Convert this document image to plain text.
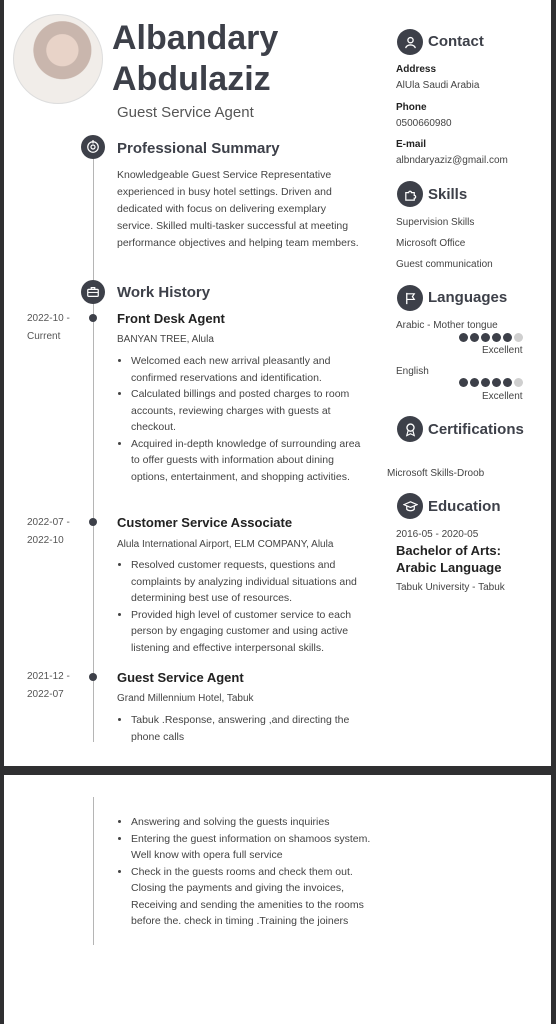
Albandary
Abdulaziz
Guest Service Agent
Professional Summary
Knowledgeable Guest Service Representative experienced in busy hotel settings. Driven and dedicated with focus on delivering exemplary service. Skilled multi-tasker successful at meeting performance objectives and helping team members.
Work History
2022-10 -
Current
Front Desk Agent
BANYAN TREE, Alula
• Welcomed each new arrival pleasantly and confirmed reservations and identification.
• Calculated billings and posted charges to room accounts, reviewing charges with guests at checkout.
• Acquired in-depth knowledge of surrounding area to offer guests with information about dining options, entertainment, and shopping activities.
2022-07 -
2022-10
Customer Service Associate
Alula International Airport, ELM COMPANY, Alula
• Resolved customer requests, questions and complaints by analyzing individual situations and determining best use of resources.
• Provided high level of customer service to each person by engaging customer and using active listening and effective interpersonal skills.
2021-12 -
2022-07
Guest Service Agent
Grand Millennium Hotel, Tabuk
• Tabuk .Response, answering ,and directing the phone calls
Contact
Address
AlUla Saudi Arabia
Phone
0500660980
E-mail
albndaryaziz@gmail.com
Skills
Supervision Skills
Microsoft Office
Guest communication
Languages
Arabic - Mother tongue
Excellent
English
Excellent
Certifications
Microsoft Skills-Droob
Education
2016-05 - 2020-05
Bachelor of Arts: Arabic Language
Tabuk University - Tabuk
• Answering and solving the guests inquiries
• Entering the guest information on shamoos system. Well know with opera full service
• Check in the guests rooms and check them out. Closing the payments and giving the invoices, Receiving and sending the amenities to the rooms before the. check in timing .Training the joiners
